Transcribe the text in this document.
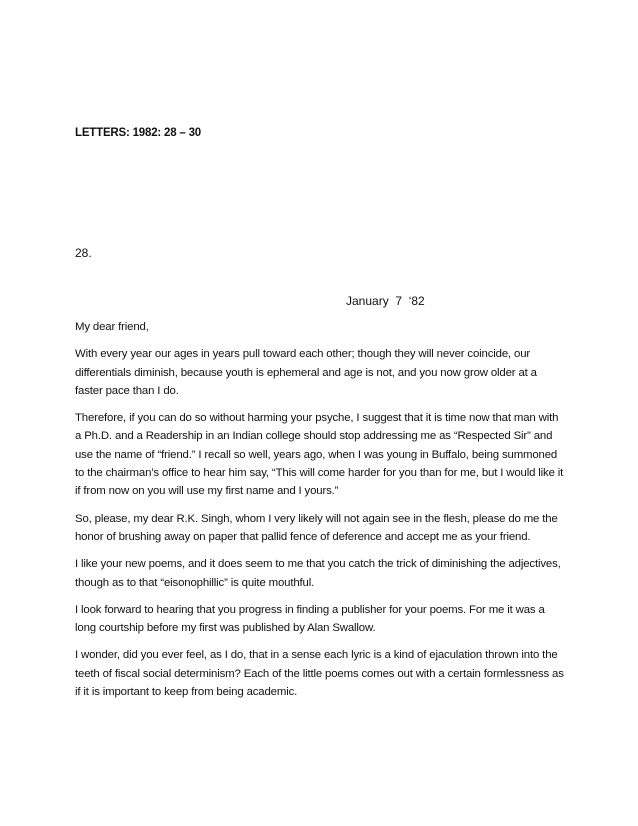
LETTERS: 1982: 28 – 30
28.
January  7  ‘82

My dear friend,

With every year our ages in years pull toward each other; though they will never coincide, our differentials diminish, because youth is ephemeral and age is not, and you now grow older at a faster pace than I do.

Therefore, if you can do so without harming your psyche, I suggest that it is time now that man with a Ph.D. and a Readership in an Indian college should stop addressing me as “Respected Sir” and use the name of “friend.” I recall so well, years ago, when I was young in Buffalo, being summoned to the chairman’s office to hear him say, “This will come harder for you than for me, but I would like it if from now on you will use my first name and I yours.”

So, please, my dear R.K. Singh, whom I very likely will not again see in the flesh, please do me the honor of brushing away on paper that pallid fence of deference and accept me as your friend.

I like your new poems, and it does seem to me that you catch the trick of diminishing the adjectives, though as to that “eisonophillic” is quite mouthful.

I look forward to hearing that you progress in finding a publisher for your poems. For me it was a long courtship before my first was published by Alan Swallow.

I wonder, did you ever feel, as I do, that in a sense each lyric is a kind of ejaculation thrown into the teeth of fiscal social determinism? Each of the little poems comes out with a certain formlessness as if it is important to keep from being academic.
